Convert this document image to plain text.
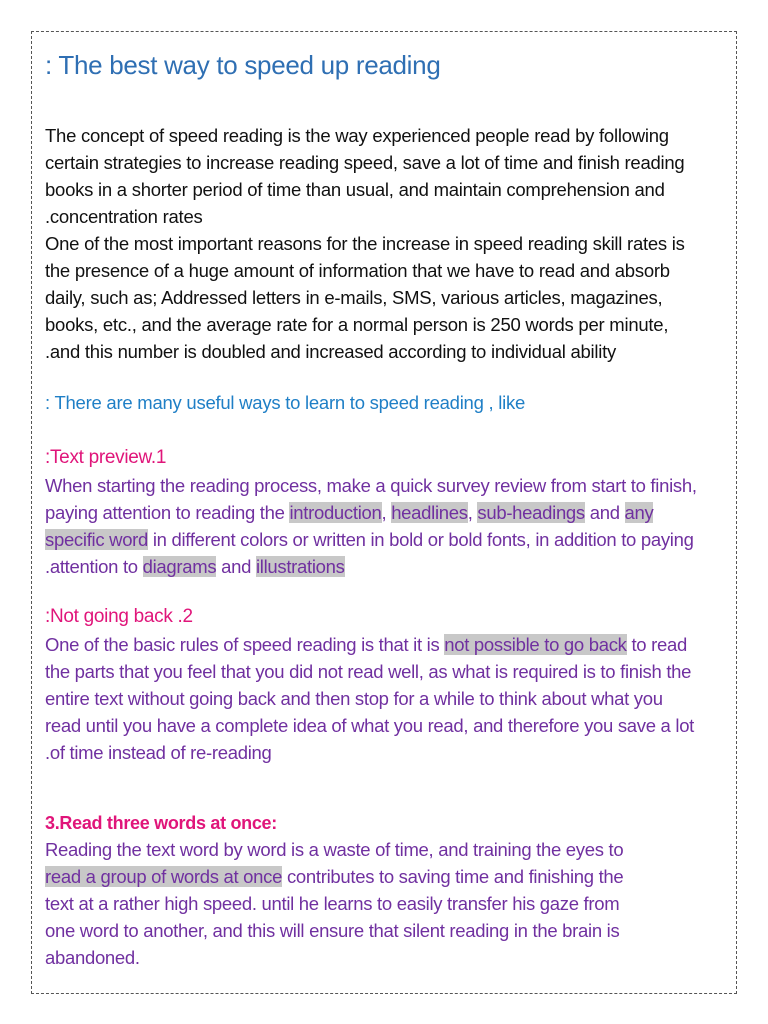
: The best way to speed up reading

The concept of speed reading is the way experienced people read by following
certain strategies to increase reading speed, save a lot of time and finish reading
books in a shorter period of time than usual, and maintain comprehension and
.concentration rates
One of the most important reasons for the increase in speed reading skill rates is
the presence of a huge amount of information that we have to read and absorb
daily, such as; Addressed letters in e-mails, SMS, various articles, magazines,
books, etc., and the average rate for a normal person is 250 words per minute,
.and this number is doubled and increased according to individual ability

: There are many useful ways to learn to speed reading , like

:Text preview.1

When starting the reading process, make a quick survey review from start to finish,
paying attention to reading the introduction, headlines, sub-headings and any
specific word in different colors or written in bold or bold fonts, in addition to paying
.attention to diagrams and illustrations

:Not going back .2

One of the basic rules of speed reading is that it is not possible to go back to read
the parts that you feel that you did not read well, as what is required is to finish the
entire text without going back and then stop for a while to think about what you
read until you have a complete idea of what you read, and therefore you save a lot
.of time instead of re-reading

3.Read three words at once:

Reading the text word by word is a waste of time, and training the eyes to
read a group of words at once contributes to saving time and finishing the
text at a rather high speed. until he learns to easily transfer his gaze from
one word to another, and this will ensure that silent reading in the brain is
abandoned.
